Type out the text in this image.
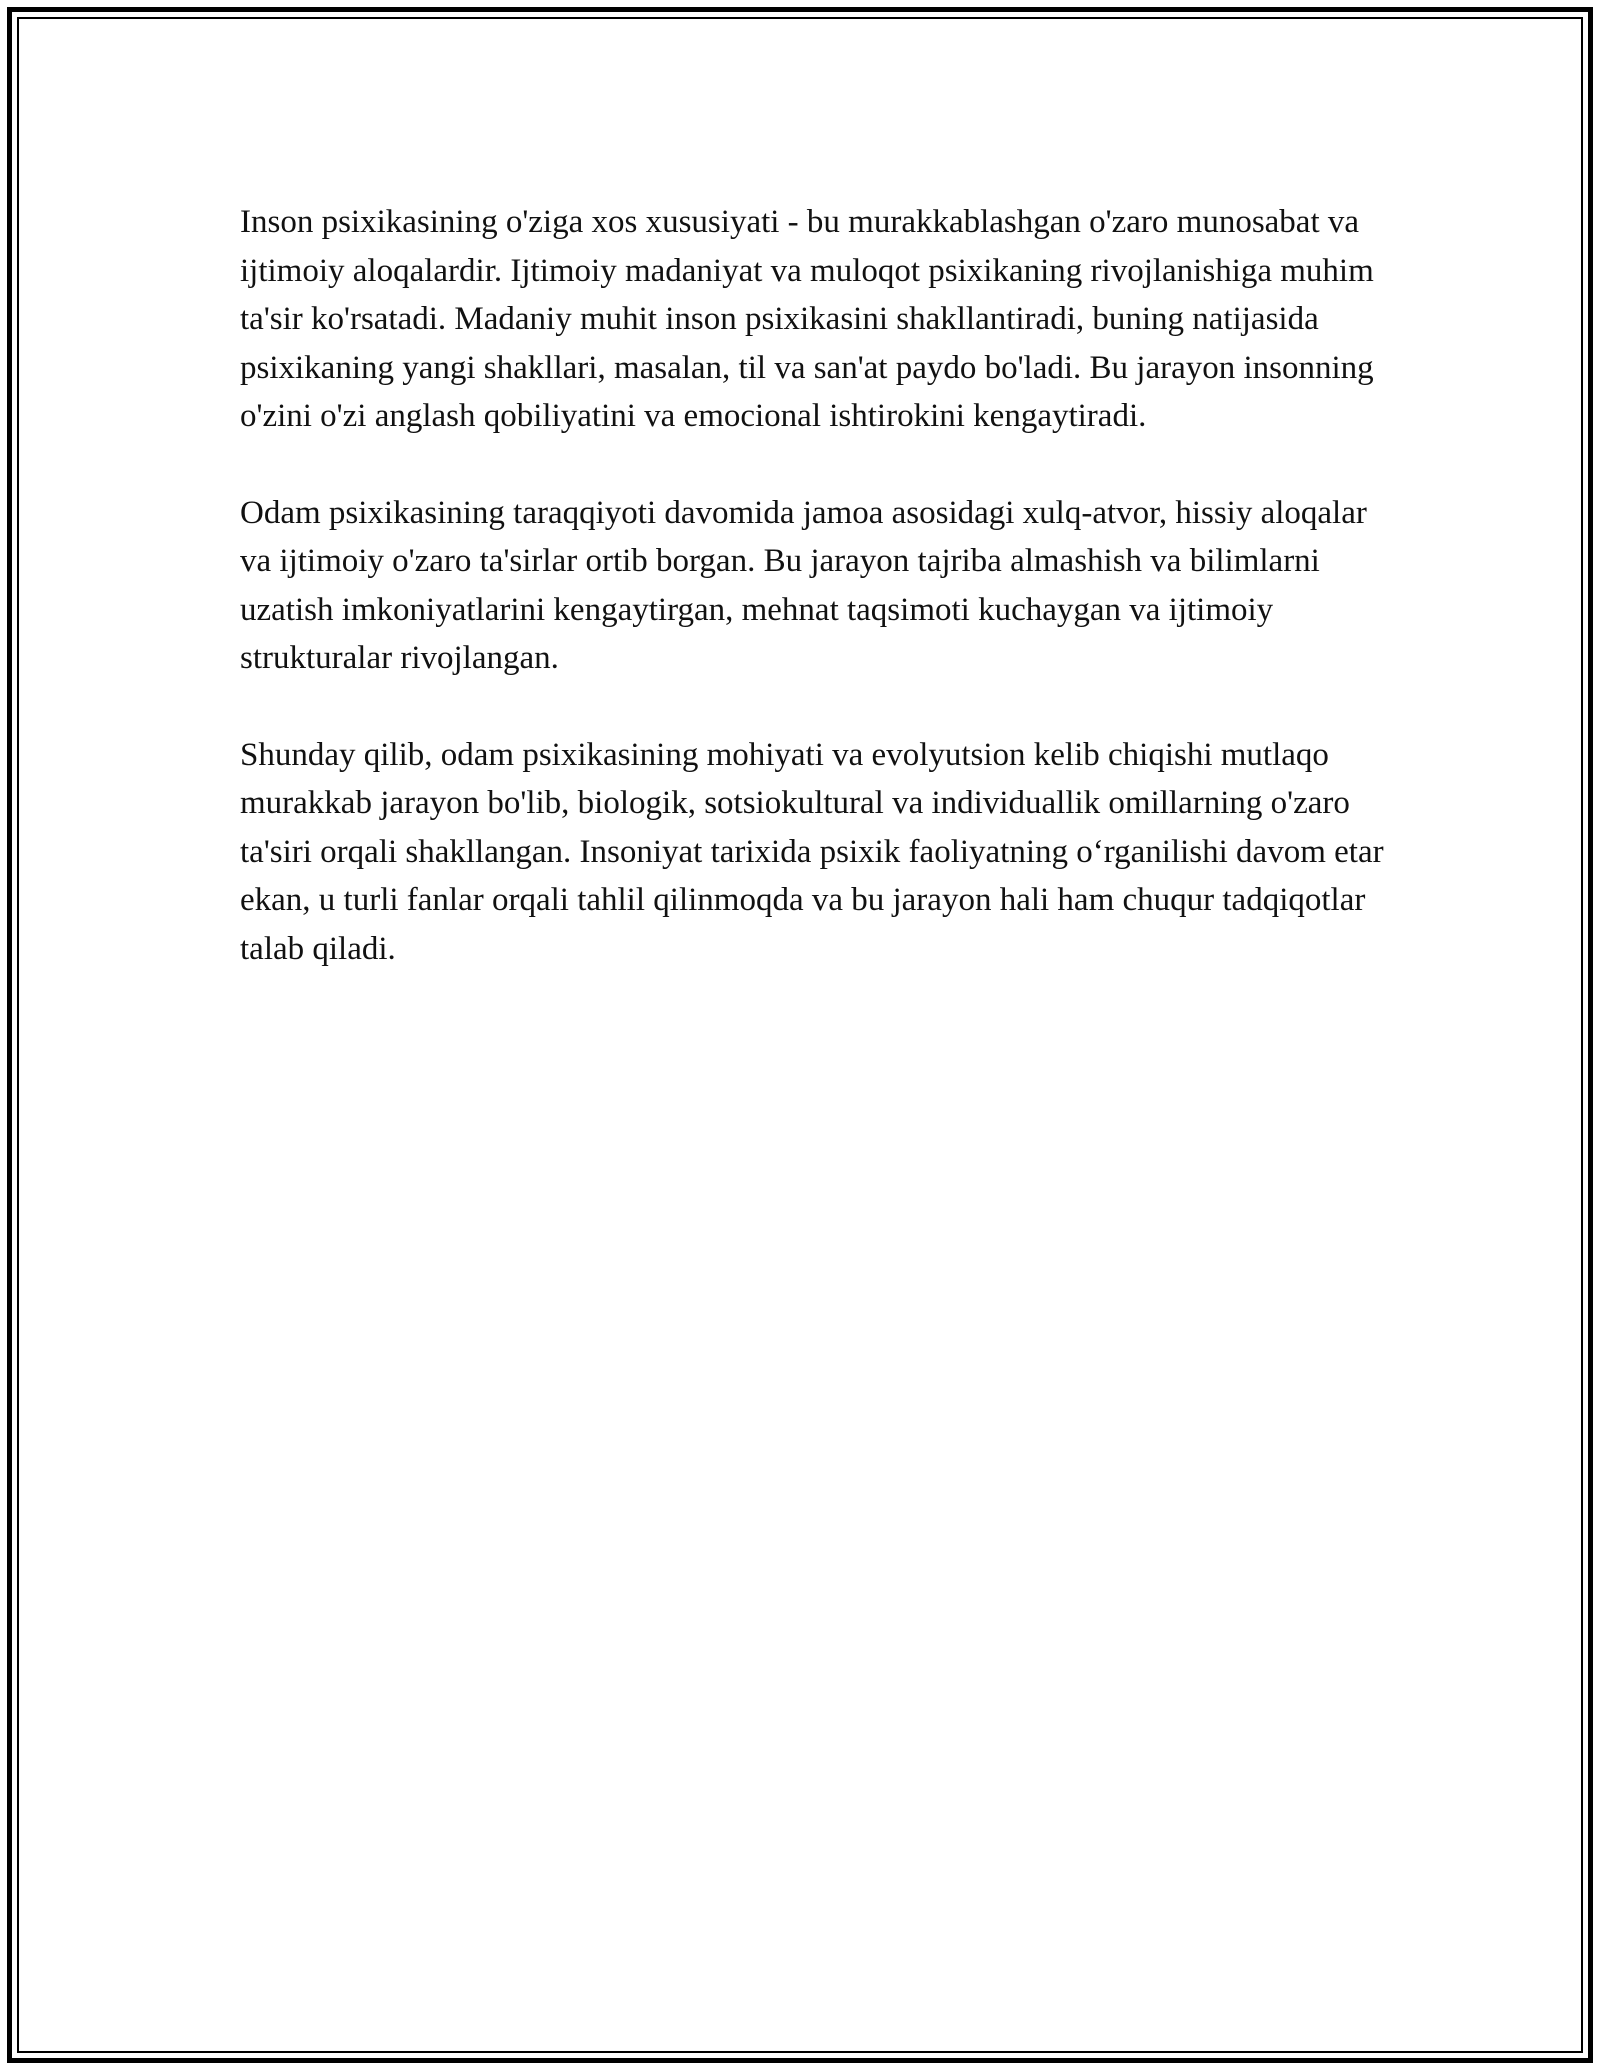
Inson psixikasining o'ziga xos xususiyati - bu murakkablashgan o'zaro munosabat va ijtimoiy aloqalardir. Ijtimoiy madaniyat va muloqot psixikaning rivojlanishiga muhim ta'sir ko'rsatadi. Madaniy muhit inson psixikasini shakllantiradi, buning natijasida psixikaning yangi shakllari, masalan, til va san'at paydo bo'ladi. Bu jarayon insonning o'zini o'zi anglash qobiliyatini va emocional ishtirokini kengaytiradi.

Odam psixikasining taraqqiyoti davomida jamoa asosidagi xulq-atvor, hissiy aloqalar va ijtimoiy o'zaro ta'sirlar ortib borgan. Bu jarayon tajriba almashish va bilimlarni uzatish imkoniyatlarini kengaytirgan, mehnat taqsimoti kuchaygan va ijtimoiy strukturalar rivojlangan.

Shunday qilib, odam psixikasining mohiyati va evolyutsion kelib chiqishi mutlaqo murakkab jarayon bo'lib, biologik, sotsiokultural va individuallik omillarning o'zaro ta'siri orqali shakllangan. Insoniyat tarixida psixik faoliyatning o‘rganilishi davom etar ekan, u turli fanlar orqali tahlil qilinmoqda va bu jarayon hali ham chuqur tadqiqotlar talab qiladi.
